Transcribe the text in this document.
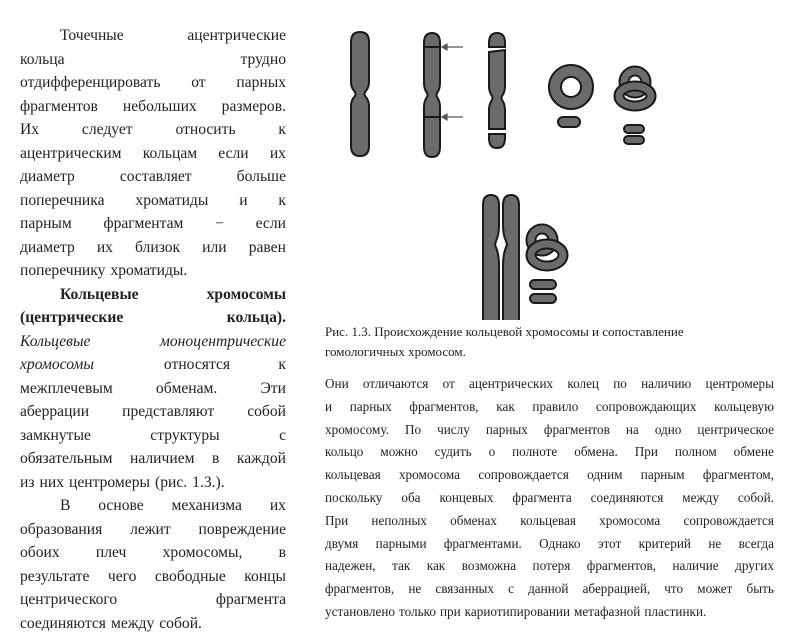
Точечные	ацентрические
кольца	трудно
отдифференцировать от парных
фрагментов небольших размеров.
Их	следует	относить	к
ацентрическим кольцам если их
диаметр	составляет	больше
поперечника хроматиды и к
парным фрагментам − если
диаметр их близок или равен
поперечнику хроматиды.
Кольцевые	хромосомы
(центрические	кольца).
Кольцевые	моноцентрические
хромосомы	относятся	к
межплечевым	обменам.	Эти
аберрации представляют собой
замкнутые	структуры	с
обязательным наличием в каждой
из них центромеры (рис. 1.3.).
В основе механизма их
образования лежит повреждение
обоих плеч хромосомы, в
результате чего свободные концы
центрического	фрагмента
соединяются между собой.
Рис. 1.3. Происхождение кольцевой хромосомы и сопоставление
гомологичных хромосом.
Они отличаются от ацентрических колец по наличию центромеры
и парных фрагментов, как правило сопровождающих кольцевую
хромосому. По числу парных фрагментов на одно центрическое
кольцо можно судить о полноте обмена. При полном обмене
кольцевая хромосома сопровождается одним парным фрагментом,
поскольку оба концевых фрагмента соединяются между собой.
При неполных обменах кольцевая хромосома сопровождается
двумя парными фрагментами. Однако этот критерий не всегда
надежен, так как возможна потеря фрагментов, наличие других
фрагментов, не связанных с данной аберрацией, что может быть
установлено только при кариотипировании метафазной пластинки.
